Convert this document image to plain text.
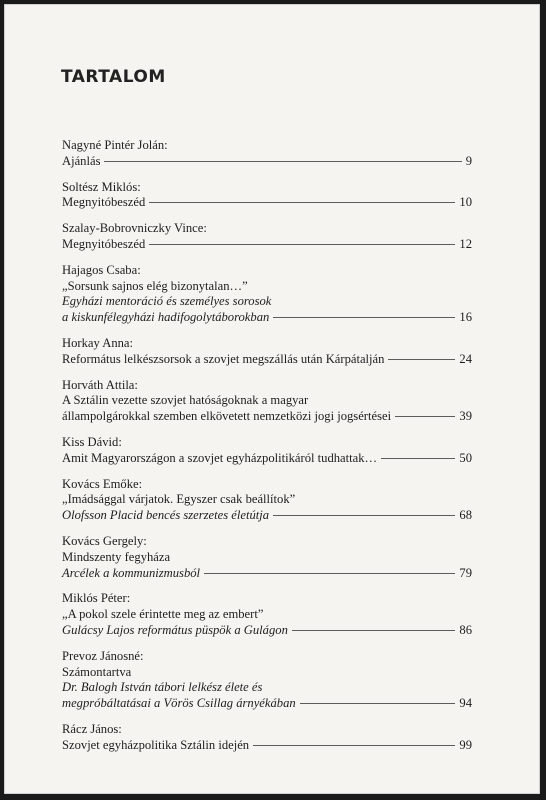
TARTALOM
Nagyné Pintér Jolán:
Ajánlás	9
Soltész Miklós:
Megnyitóbeszéd	10
Szalay-Bobrovniczky Vince:
Megnyitóbeszéd	12
Hajagos Csaba:
„Sorsunk sajnos elég bizonytalan…”
Egyházi mentoráció és személyes sorosok
a kiskunfélegyházi hadifogolytáborokban	16
Horkay Anna:
Református lelkészsorsok a szovjet megszállás után Kárpátalján	24
Horváth Attila:
A Sztálin vezette szovjet hatóságoknak a magyar
állampolgárokkal szemben elkövetett nemzetközi jogi jogsértései	39
Kiss Dávid:
Amit Magyarországon a szovjet egyházpolitikáról tudhattak…	50
Kovács Emőke:
„Imádsággal várjatok. Egyszer csak beállítok”
Olofsson Placid bencés szerzetes életútja	68
Kovács Gergely:
Mindszenty fegyháza
Arcélek a kommunizmusból	79
Miklós Péter:
„A pokol szele érintette meg az embert”
Gulácsy Lajos református püspök a Gulágon	86
Prevoz Jánosné:
Számontartva
Dr. Balogh István tábori lelkész élete és
megpróbáltatásai a Vörös Csillag árnyékában	94
Rácz János:
Szovjet egyházpolitika Sztálin idején	99
